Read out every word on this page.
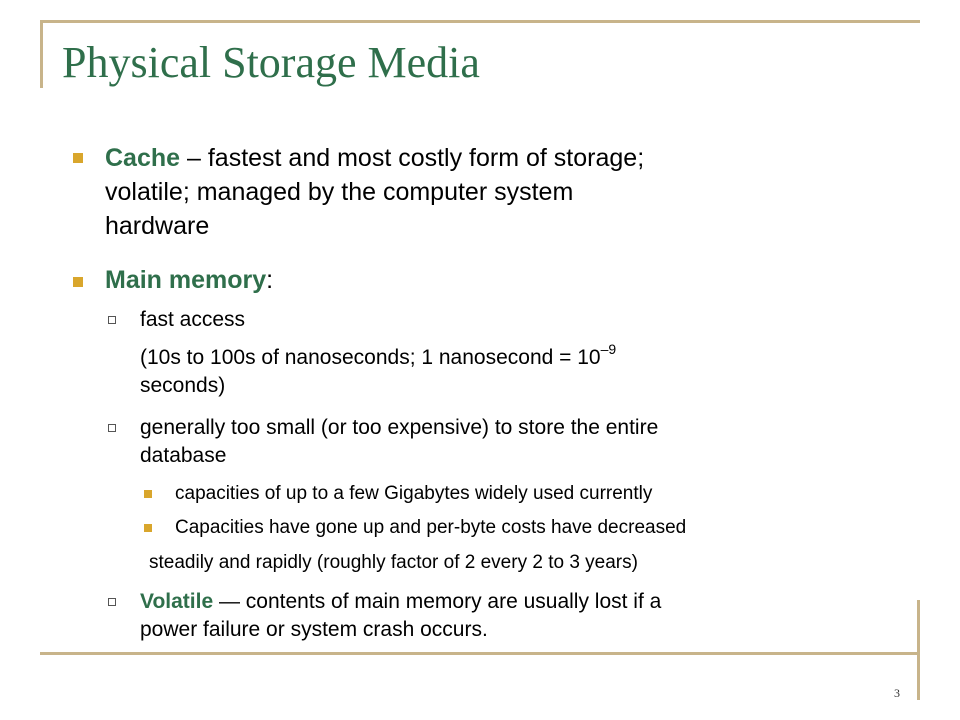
Physical Storage Media

Cache – fastest and most costly form of storage;

volatile; managed by the computer system

hardware

Main memory:

fast access

(10s to 100s of nanoseconds; 1 nanosecond = $10^{-9}$

seconds)

generally too small (or too expensive) to store the entire

database

capacities of up to a few Gigabytes widely used currently

Capacities have gone up and per-byte costs have decreased

steadily and rapidly (roughly factor of 2 every 2 to 3 years)

Volatile — contents of main memory are usually lost if a

power failure or system crash occurs.

3
